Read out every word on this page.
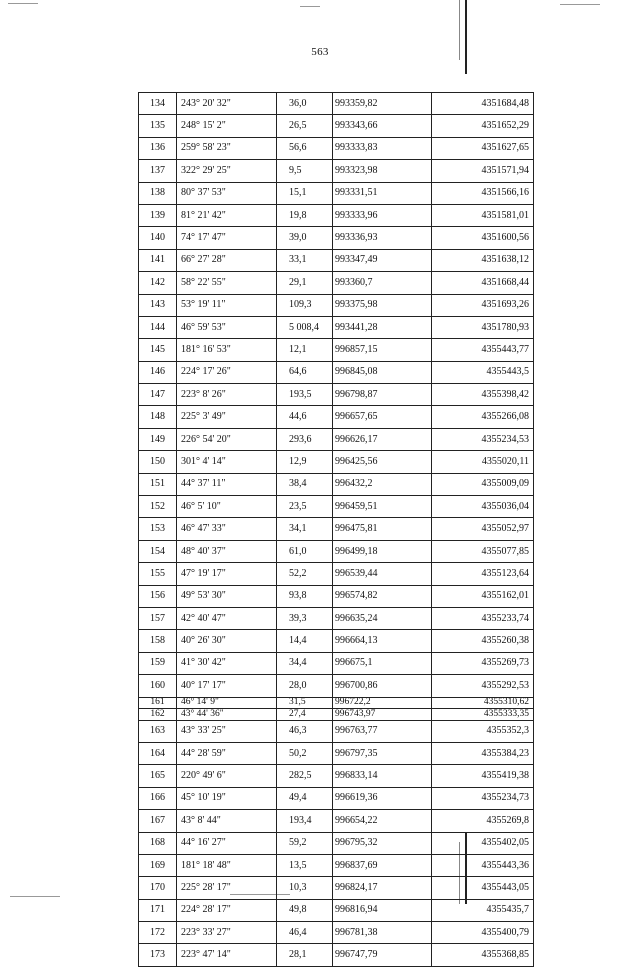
563
134	243° 20' 32"	36,0	993359,82	4351684,48
135	248° 15' 2"	26,5	993343,66	4351652,29
136	259° 58' 23"	56,6	993333,83	4351627,65
137	322° 29' 25"	9,5	993323,98	4351571,94
138	80° 37' 53"	15,1	993331,51	4351566,16
139	81° 21' 42"	19,8	993333,96	4351581,01
140	74° 17' 47"	39,0	993336,93	4351600,56
141	66° 27' 28"	33,1	993347,49	4351638,12
142	58° 22' 55"	29,1	993360,7	4351668,44
143	53° 19' 11"	109,3	993375,98	4351693,26
144	46° 59' 53"	5 008,4	993441,28	4351780,93
145	181° 16' 53"	12,1	996857,15	4355443,77
146	224° 17' 26"	64,6	996845,08	4355443,5
147	223° 8' 26"	193,5	996798,87	4355398,42
148	225° 3' 49"	44,6	996657,65	4355266,08
149	226° 54' 20"	293,6	996626,17	4355234,53
150	301° 4' 14"	12,9	996425,56	4355020,11
151	44° 37' 11"	38,4	996432,2	4355009,09
152	46° 5' 10"	23,5	996459,51	4355036,04
153	46° 47' 33"	34,1	996475,81	4355052,97
154	48° 40' 37"	61,0	996499,18	4355077,85
155	47° 19' 17"	52,2	996539,44	4355123,64
156	49° 53' 30"	93,8	996574,82	4355162,01
157	42° 40' 47"	39,3	996635,24	4355233,74
158	40° 26' 30"	14,4	996664,13	4355260,38
159	41° 30' 42"	34,4	996675,1	4355269,73
160	40° 17' 17"	28,0	996700,86	4355292,53
161	46° 14' 9"	31,5	996722,2	4355310,62
162	43° 44' 36"	27,4	996743,97	4355333,35
163	43° 33' 25"	46,3	996763,77	4355352,3
164	44° 28' 59"	50,2	996797,35	4355384,23
165	220° 49' 6"	282,5	996833,14	4355419,38
166	45° 10' 19"	49,4	996619,36	4355234,73
167	43° 8' 44"	193,4	996654,22	4355269,8
168	44° 16' 27"	59,2	996795,32	4355402,05
169	181° 18' 48"	13,5	996837,69	4355443,36
170	225° 28' 17"	10,3	996824,17	4355443,05
171	224° 28' 17"	49,8	996816,94	4355435,7
172	223° 33' 27"	46,4	996781,38	4355400,79
173	223° 47' 14"	28,1	996747,79	4355368,85
